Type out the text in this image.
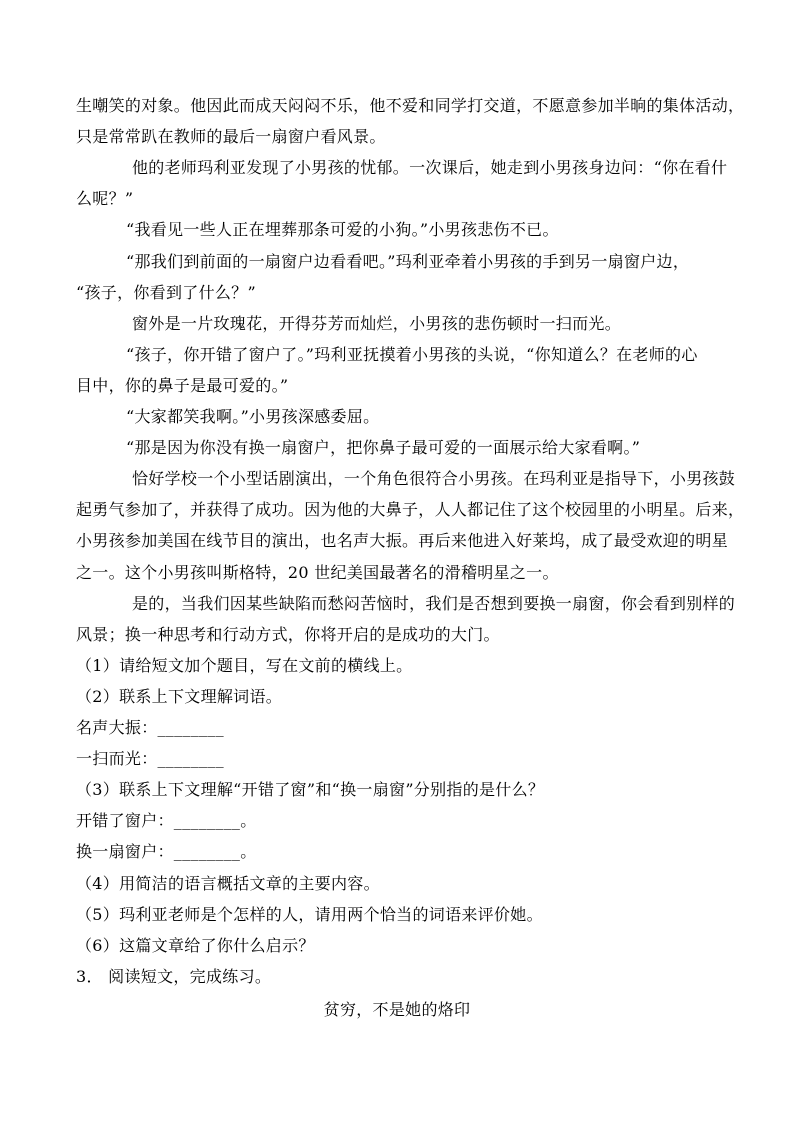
生嘲笑的对象。他因此而成天闷闷不乐，他不爱和同学打交道，不愿意参加半晌的集体活动，
只是常常趴在教师的最后一扇窗户看风景。
他的老师玛利亚发现了小男孩的忧郁。一次课后，她走到小男孩身边问：“你在看什
么呢？”
“我看见一些人正在埋葬那条可爱的小狗。”小男孩悲伤不已。
“那我们到前面的一扇窗户边看看吧。”玛利亚牵着小男孩的手到另一扇窗户边，
“孩子，你看到了什么？”
窗外是一片玫瑰花，开得芬芳而灿烂，小男孩的悲伤顿时一扫而光。
“孩子，你开错了窗户了。”玛利亚抚摸着小男孩的头说，“你知道么？在老师的心
目中，你的鼻子是最可爱的。”
“大家都笑我啊。”小男孩深感委屈。
“那是因为你没有换一扇窗户，把你鼻子最可爱的一面展示给大家看啊。”
恰好学校一个小型话剧演出，一个角色很符合小男孩。在玛利亚是指导下，小男孩鼓
起勇气参加了，并获得了成功。因为他的大鼻子，人人都记住了这个校园里的小明星。后来，
小男孩参加美国在线节目的演出，也名声大振。再后来他进入好莱坞，成了最受欢迎的明星
之一。这个小男孩叫斯格特，20 世纪美国最著名的滑稽明星之一。
是的，当我们因某些缺陷而愁闷苦恼时，我们是否想到要换一扇窗，你会看到别样的
风景；换一种思考和行动方式，你将开启的是成功的大门。
（1）请给短文加个题目，写在文前的横线上。
（2）联系上下文理解词语。
名声大振：________
一扫而光：________
（3）联系上下文理解“开错了窗”和“换一扇窗”分别指的是什么？
开错了窗户：________。
换一扇窗户：________。
（4）用简洁的语言概括文章的主要内容。
（5）玛利亚老师是个怎样的人，请用两个恰当的词语来评价她。
（6）这篇文章给了你什么启示？
3． 阅读短文，完成练习。
贫穷，不是她的烙印
